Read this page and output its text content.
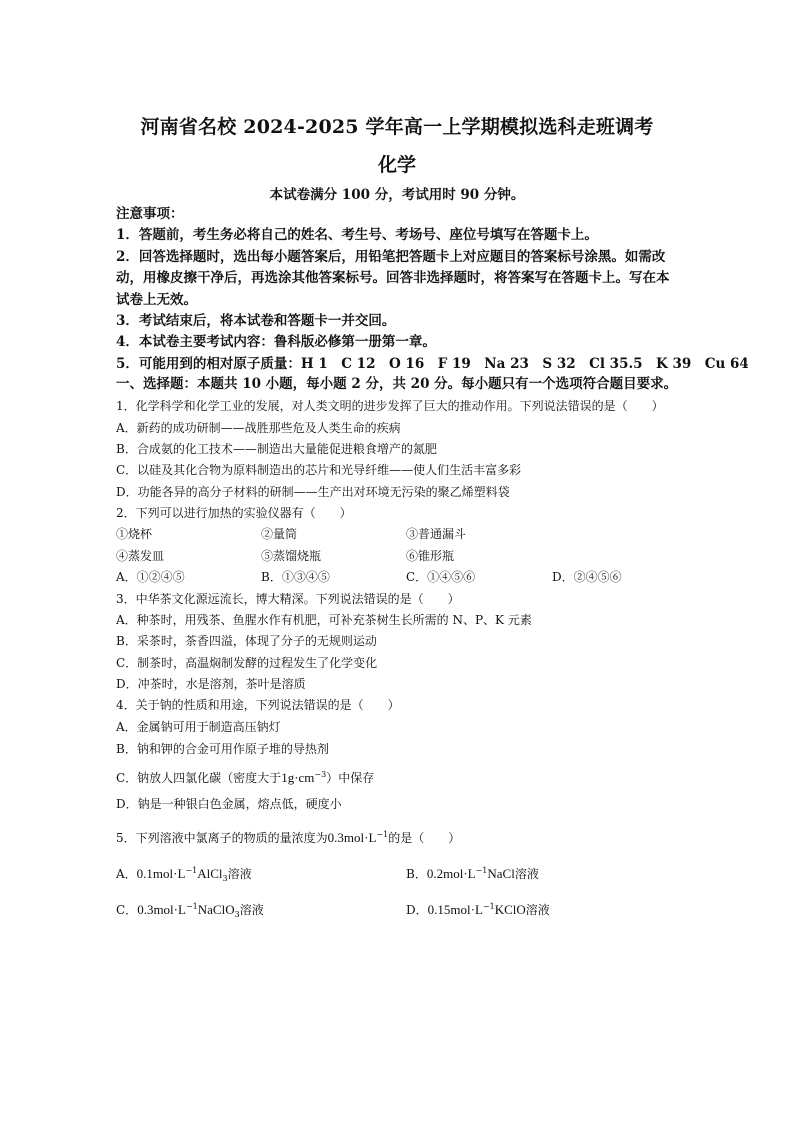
河南省名校 2024-2025 学年高一上学期模拟选科走班调考
化学
本试卷满分 100 分，考试用时 90 分钟。

注意事项：

1．答题前，考生务必将自己的姓名、考生号、考场号、座位号填写在答题卡上。

2．回答选择题时，选出每小题答案后，用铅笔把答题卡上对应题目的答案标号涂黑。如需改动，用橡皮擦干净后，再选涂其他答案标号。回答非选择题时，将答案写在答题卡上。写在本试卷上无效。

3．考试结束后，将本试卷和答题卡一并交回。

4．本试卷主要考试内容：鲁科版必修第一册第一章。

5．可能用到的相对原子质量：H 1　C 12　O 16　F 19　Na 23　S 32　Cl 35.5　K 39　Cu 64

一、选择题：本题共 10 小题，每小题 2 分，共 20 分。每小题只有一个选项符合题目要求。
1．化学科学和化学工业的发展，对人类文明的进步发挥了巨大的推动作用。下列说法错误的是（　　）
A．新药的成功研制——战胜那些危及人类生命的疾病
B．合成氨的化工技术——制造出大量能促进粮食增产的氮肥
C．以硅及其化合物为原料制造出的芯片和光导纤维——使人们生活丰富多彩
D．功能各异的高分子材料的研制——生产出对环境无污染的聚乙烯塑料袋
2．下列可以进行加热的实验仪器有（　　）
①烧杯	②量筒	③普通漏斗
④蒸发皿	⑤蒸馏烧瓶	⑥锥形瓶
A．①②④⑤	B．①③④⑤	C．①④⑤⑥	D．②④⑤⑥
3．中华茶文化源远流长，博大精深。下列说法错误的是（　　）
A．种茶时，用残茶、鱼腥水作有机肥，可补充茶树生长所需的 N、P、K 元素
B．采茶时，茶香四溢，体现了分子的无规则运动
C．制茶时，高温焖制发酵的过程发生了化学变化
D．冲茶时，水是溶剂，茶叶是溶质
4．关于钠的性质和用途，下列说法错误的是（　　）
A．金属钠可用于制造高压钠灯
B．钠和钾的合金可用作原子堆的导热剂
C．钠放人四氯化碳（密度大于$1g\cdot cm^{-3}$）中保存
D．钠是一种银白色金属，熔点低，硬度小
5．下列溶液中氯离子的物质的量浓度为$0.3mol\cdot L^{-1}$的是（　　）
A．$0.1mol\cdot L^{-1}AlCl_3$溶液	B．$0.2mol\cdot L^{-1}NaCl$溶液
C．$0.3mol\cdot L^{-1}NaClO_3$溶液	D．$0.15mol\cdot L^{-1}KClO$溶液
